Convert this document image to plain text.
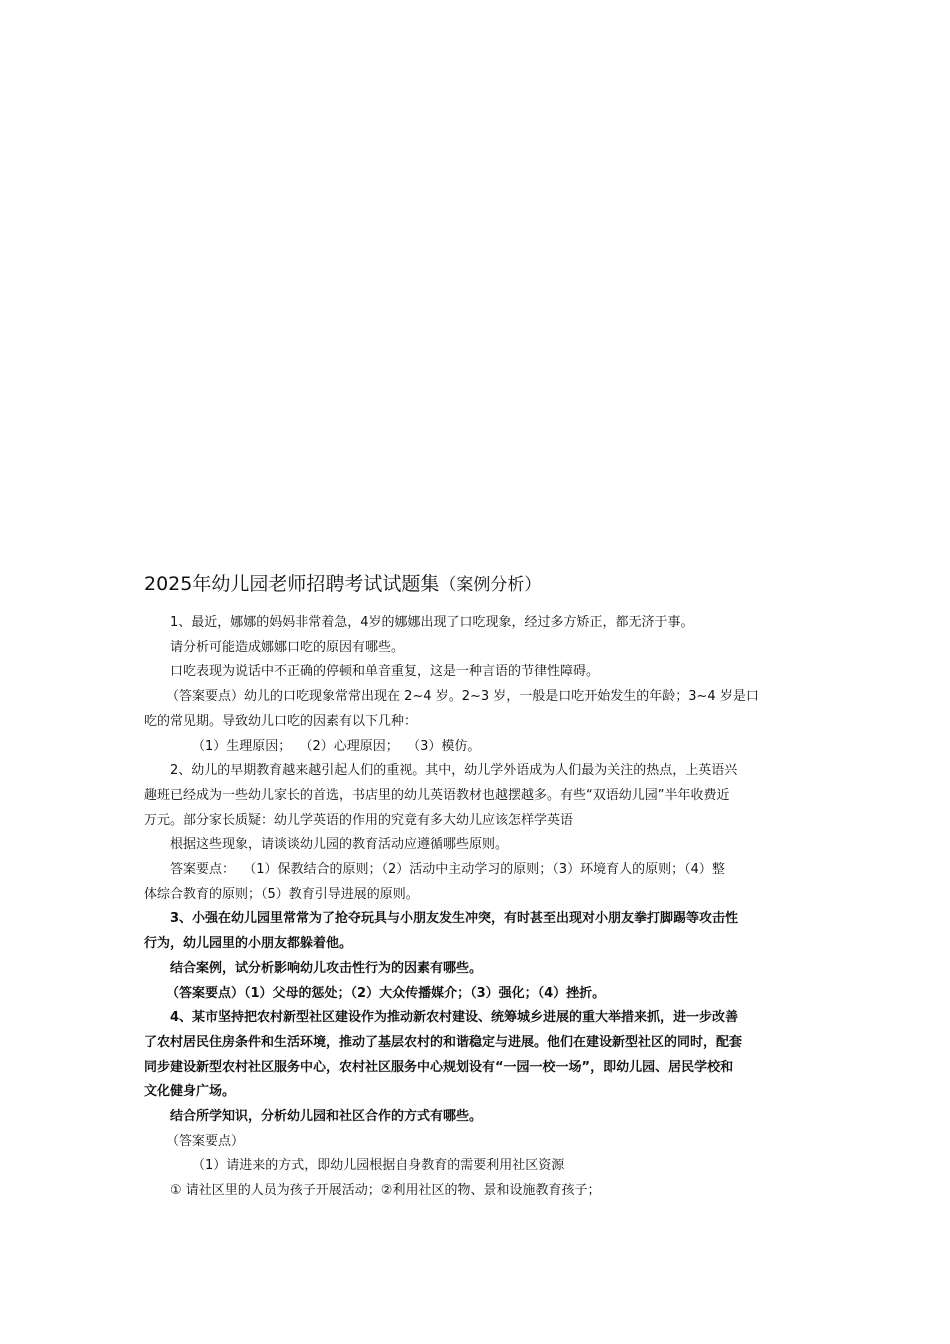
2025年幼儿园老师招聘考试试题集（案例分析）

1、最近，娜娜的妈妈非常着急，4岁的娜娜出现了口吃现象，经过多方矫正，都无济于事。

请分析可能造成娜娜口吃的原因有哪些。

口吃表现为说话中不正确的停顿和单音重复，这是一种言语的节律性障碍。

（答案要点）幼儿的口吃现象常常出现在 2~4 岁。2~3 岁，一般是口吃开始发生的年龄；3~4 岁是口

吃的常见期。导致幼儿口吃的因素有以下几种：

（1）生理原因；  （2）心理原因；  （3）模仿。

2、幼儿的早期教育越来越引起人们的重视。其中，幼儿学外语成为人们最为关注的热点，上英语兴

趣班已经成为一些幼儿家长的首选，书店里的幼儿英语教材也越摆越多。有些“双语幼儿园”半年收费近

万元。部分家长质疑：幼儿学英语的作用的究竟有多大幼儿应该怎样学英语

根据这些现象，请谈谈幼儿园的教育活动应遵循哪些原则。

答案要点：  （1）保教结合的原则；（2）活动中主动学习的原则；（3）环境育人的原则；（4）整

体综合教育的原则；（5）教育引导进展的原则。

3、小强在幼儿园里常常为了抢夺玩具与小朋友发生冲突，有时甚至出现对小朋友拳打脚踢等攻击性

行为，幼儿园里的小朋友都躲着他。

结合案例，试分析影响幼儿攻击性行为的因素有哪些。

（答案要点）（1）父母的惩处；（2）大众传播媒介；（3）强化；（4）挫折。

4、某市坚持把农村新型社区建设作为推动新农村建设、统筹城乡进展的重大举措来抓，进一步改善

了农村居民住房条件和生活环境，推动了基层农村的和谐稳定与进展。他们在建设新型社区的同时，配套

同步建设新型农村社区服务中心，农村社区服务中心规划设有“一园一校一场”，即幼儿园、居民学校和

文化健身广场。

结合所学知识，分析幼儿园和社区合作的方式有哪些。

（答案要点）

（1）请进来的方式，即幼儿园根据自身教育的需要利用社区资源

① 请社区里的人员为孩子开展活动；②利用社区的物、景和设施教育孩子；
